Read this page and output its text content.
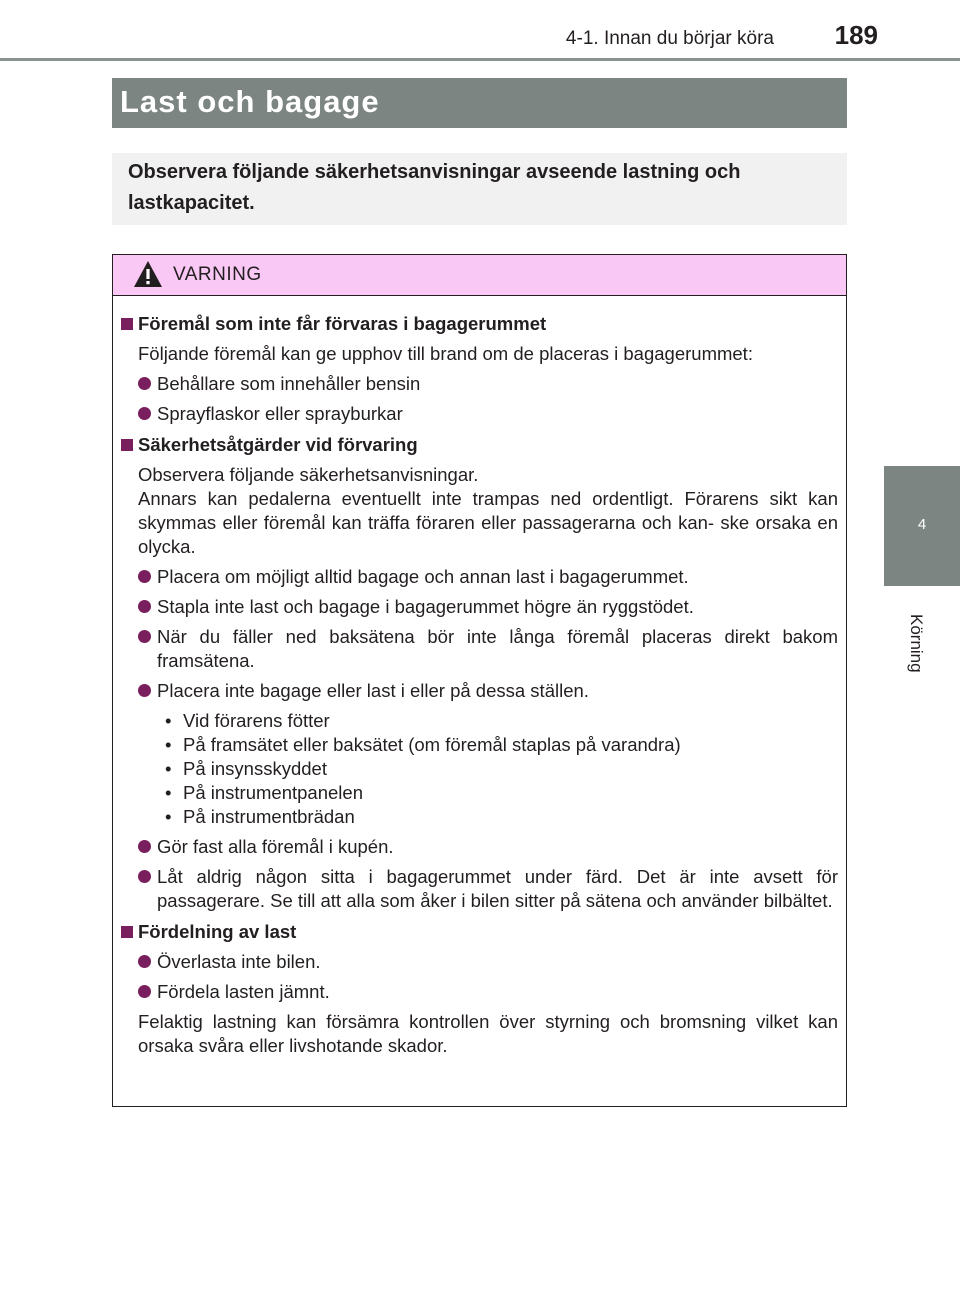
4-1. Innan du börjar köra 189
4
Körning
Last och bagage
Observera följande säkerhetsanvisningar avseende lastning och lastkapacitet.
VARNING
Föremål som inte får förvaras i bagagerummet
Följande föremål kan ge upphov till brand om de placeras i bagagerummet:
Behållare som innehåller bensin
Sprayflaskor eller sprayburkar
Säkerhetsåtgärder vid förvaring
Observera följande säkerhetsanvisningar.
Annars kan pedalerna eventuellt inte trampas ned ordentligt. Förarens sikt kan skymmas eller föremål kan träffa föraren eller passagerarna och kan- ske orsaka en olycka.
Placera om möjligt alltid bagage och annan last i bagagerummet.
Stapla inte last och bagage i bagagerummet högre än ryggstödet.
När du fäller ned baksätena bör inte långa föremål placeras direkt bakom framsätena.
Placera inte bagage eller last i eller på dessa ställen.
• Vid förarens fötter
• På framsätet eller baksätet (om föremål staplas på varandra)
• På insynsskyddet
• På instrumentpanelen
• På instrumentbrädan
Gör fast alla föremål i kupén.
Låt aldrig någon sitta i bagagerummet under färd. Det är inte avsett för passagerare. Se till att alla som åker i bilen sitter på sätena och använder bilbältet.
Fördelning av last
Överlasta inte bilen.
Fördela lasten jämnt.
Felaktig lastning kan försämra kontrollen över styrning och bromsning vilket kan orsaka svåra eller livshotande skador.
